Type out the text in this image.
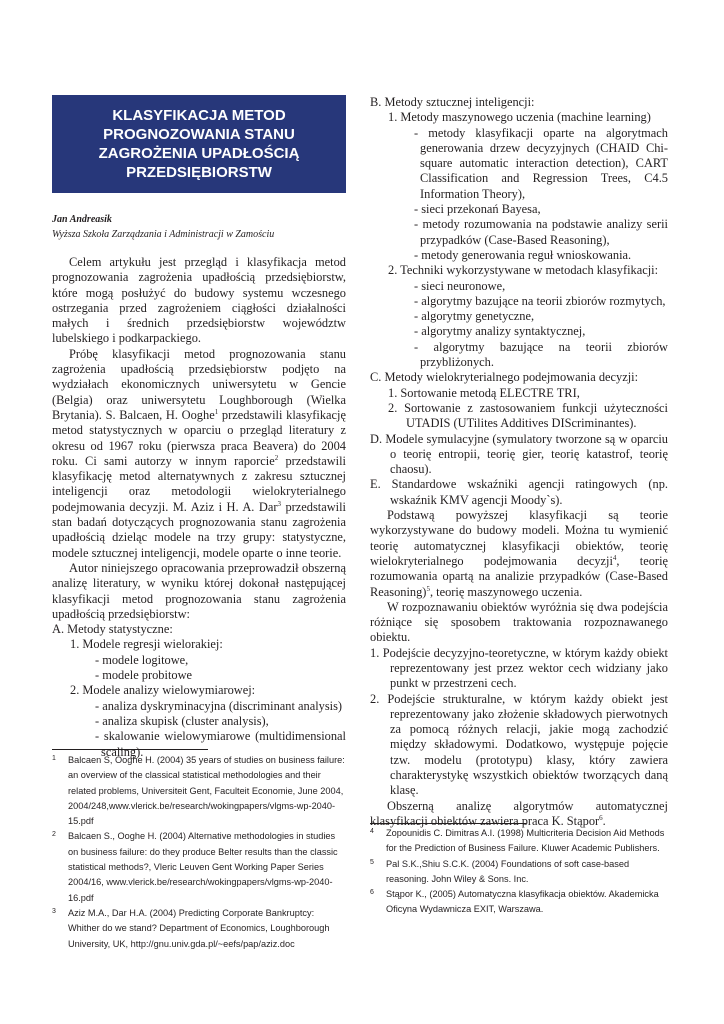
KLASYFIKACJA METOD
PROGNOZOWANIA STANU
ZAGROŻENIA UPADŁOŚCIĄ
PRZEDSIĘBIORSTW
Jan Andreasik
Wyższa Szkoła Zarządzania i Administracji w Zamościu

Celem artykułu jest przegląd i klasyfikacja metod prognozowania zagrożenia upadłością przedsiębiorstw, które mogą posłużyć do budowy systemu wczesnego ostrzegania przed zagrożeniem ciągłości działalności małych i średnich przedsiębiorstw województw lubelskiego i podkarpackiego.

Próbę klasyfikacji metod prognozowania stanu zagrożenia upadłością przedsiębiorstw podjęto na wydziałach ekonomicznych uniwersytetu w Gencie (Belgia) oraz uniwersytetu Loughborough (Wielka Brytania). S. Balcaen, H. Ooghe$^1$ przedstawili klasyfikację metod statystycznych w oparciu o przegląd literatury z okresu od 1967 roku (pierwsza praca Beavera) do 2004 roku. Ci sami autorzy w innym raporcie$^2$ przedstawili klasyfikację metod alternatywnych z zakresu sztucznej inteligencji oraz metodologii wielokryterialnego podejmowania decyzji. M. Aziz i H. A. Dar$^3$ przedstawili stan badań dotyczących prognozowania stanu zagrożenia upadłością dzieląc modele na trzy grupy: statystyczne, modele sztucznej inteligencji, modele oparte o inne teorie.

Autor niniejszego opracowania przeprowadził obszerną analizę literatury, w wyniku której dokonał następującej klasyfikacji metod prognozowania stanu zagrożenia upadłością przedsiębiorstw:

A. Metody statystyczne:

1. Modele regresji wielorakiej:

- modele logitowe,

- modele probitowe

2. Modele analizy wielowymiarowej:

- analiza dyskryminacyjna (discriminant analysis)

- analiza skupisk (cluster analysis),

- skalowanie wielowymiarowe (multidimensional scaling).

1 Balcaen S, Ooghe H. (2004) 35 years of studies on business failure: an overview of the classical statistical methodologies and their related problems, Universiteit Gent, Faculteit Economie, June 2004, 2004/248,www.vlerick.be/research/wokingpapers/vlgms-wp-2040-15.pdf
2 Balcaen S., Ooghe H. (2004) Alternative methodologies in studies on business failure: do they produce Belter results than the classic statistical methods?, Vleric Leuven Gent Working Paper Series 2004/16, www.vlerick.be/research/wokingpapers/vlgms-wp-2040-16.pdf
3 Aziz M.A., Dar H.A. (2004) Predicting Corporate Bankruptcy: Whither do we stand? Department of Economics, Loughborough University, UK, http://gnu.univ.gda.pl/~eefs/pap/aziz.doc

B. Metody sztucznej inteligencji:

1. Metody maszynowego uczenia (machine learning)

- metody klasyfikacji oparte na algorytmach generowania drzew decyzyjnych (CHAID Chi-square automatic interaction detection), CART Classification and Regression Trees, C4.5 Information Theory),

- sieci przekonań Bayesa,

- metody rozumowania na podstawie analizy serii przypadków (Case-Based Reasoning),

- metody generowania reguł wnioskowania.

2. Techniki wykorzystywane w metodach klasyfikacji:

- sieci neuronowe,

- algorytmy bazujące na teorii zbiorów rozmytych,

- algorytmy genetyczne,

- algorytmy analizy syntaktycznej,

- algorytmy bazujące na teorii zbiorów przybliżonych.

C. Metody wielokryterialnego podejmowania decyzji:

1. Sortowanie metodą ELECTRE TRI,

2. Sortowanie z zastosowaniem funkcji użyteczności UTADIS (UTilites Additives DIScriminantes).

D. Modele symulacyjne (symulatory tworzone są w oparciu o teorię entropii, teorię gier, teorię katastrof, teorię chaosu).

E. Standardowe wskaźniki agencji ratingowych (np. wskaźnik KMV agencji Moody`s).

Podstawą powyższej klasyfikacji są teorie wykorzystywane do budowy modeli. Można tu wymienić teorię automatycznej klasyfikacji obiektów, teorię wielokryterialnego podejmowania decyzji$^4$, teorię rozumowania opartą na analizie przypadków (Case-Based Reasoning)$^5$, teorię maszynowego uczenia.

W rozpoznawaniu obiektów wyróżnia się dwa podejścia różniące się sposobem traktowania rozpoznawanego obiektu.

1. Podejście decyzyjno-teoretyczne, w którym każdy obiekt reprezentowany jest przez wektor cech widziany jako punkt w przestrzeni cech.

2. Podejście strukturalne, w którym każdy obiekt jest reprezentowany jako złożenie składowych pierwotnych za pomocą różnych relacji, jakie mogą zachodzić między składowymi. Dodatkowo, występuje pojęcie tzw. modelu (prototypu) klasy, który zawiera charakterystykę wszystkich obiektów tworzących daną klasę.

Obszerną analizę algorytmów automatycznej klasyfikacji obiektów zawiera praca K. Stąpor$^6$.

4 Zopounidis C. Dimitras A.I. (1998) Multicriteria Decision Aid Methods for the Prediction of Business Failure. Kluwer Academic Publishers.
5 Pal S.K.,Shiu S.C.K. (2004) Foundations of soft case-based reasoning. John Wiley & Sons. Inc.
6 Stąpor K., (2005) Automatyczna klasyfikacja obiektów. Akademicka Oficyna Wydawnicza EXIT, Warszawa.
